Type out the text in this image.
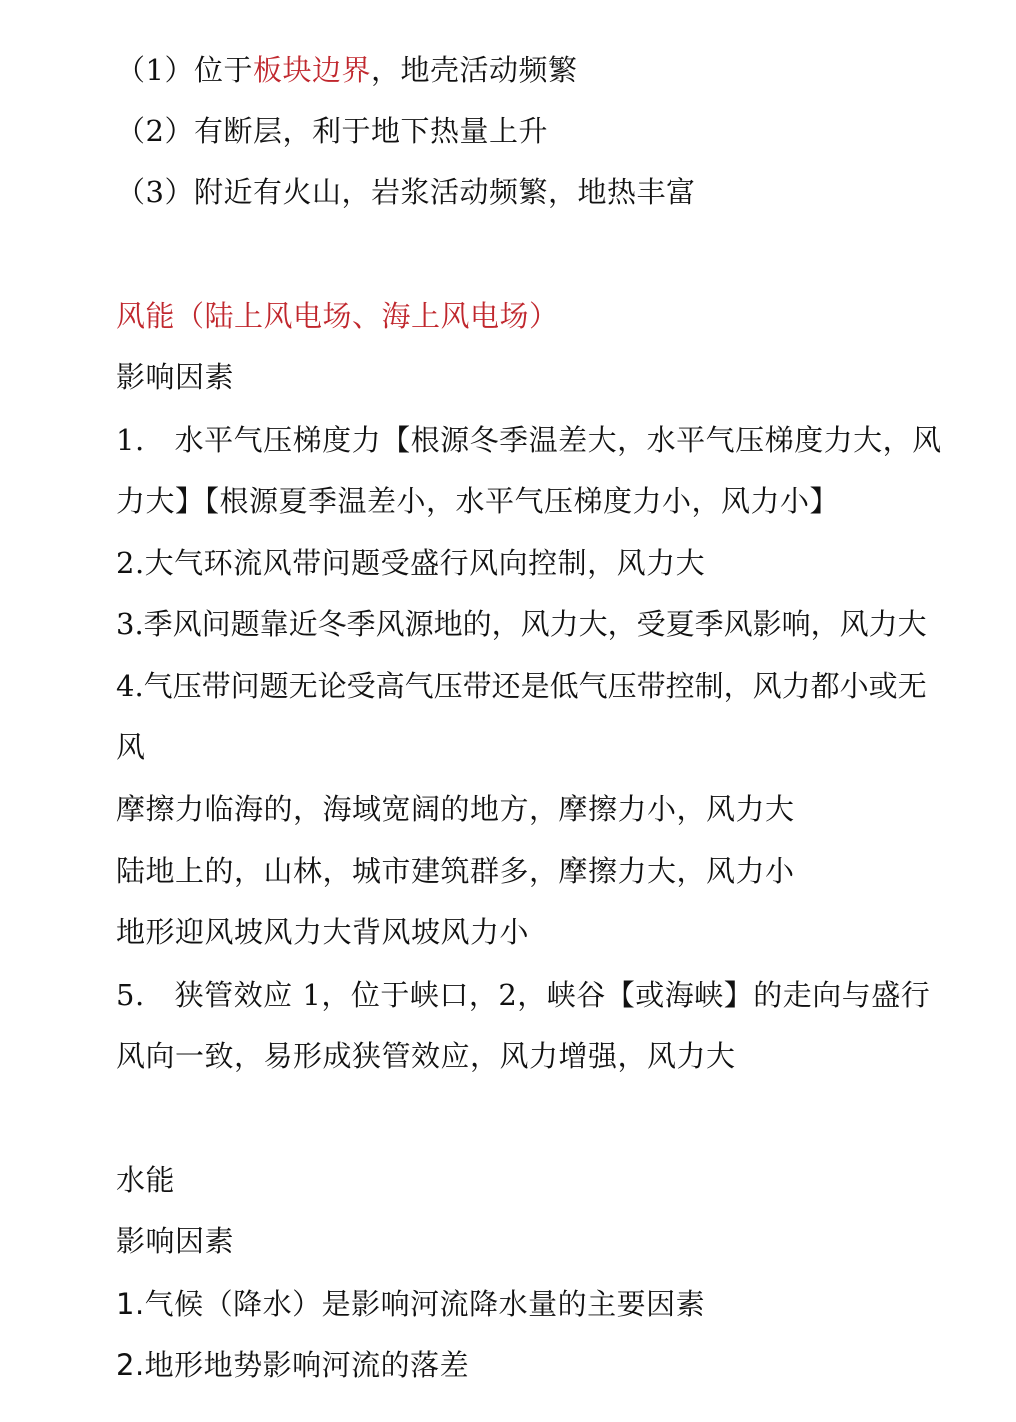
（1）位于板块边界，地壳活动频繁
（2）有断层，利于地下热量上升
（3）附近有火山，岩浆活动频繁，地热丰富
风能（陆上风电场、海上风电场）
影响因素
1. 水平气压梯度力【根源冬季温差大，水平气压梯度力大，风
力大】【根源夏季温差小，水平气压梯度力小，风力小】
2.大气环流风带问题受盛行风向控制，风力大
3.季风问题靠近冬季风源地的，风力大，受夏季风影响，风力大
4.气压带问题无论受高气压带还是低气压带控制，风力都小或无
风
摩擦力临海的，海域宽阔的地方，摩擦力小，风力大
陆地上的，山林，城市建筑群多，摩擦力大，风力小
地形迎风坡风力大背风坡风力小
5. 狭管效应 1，位于峡口，2，峡谷【或海峡】的走向与盛行
风向一致，易形成狭管效应，风力增强，风力大
水能
影响因素
1.气候（降水）是影响河流降水量的主要因素
2.地形地势影响河流的落差
